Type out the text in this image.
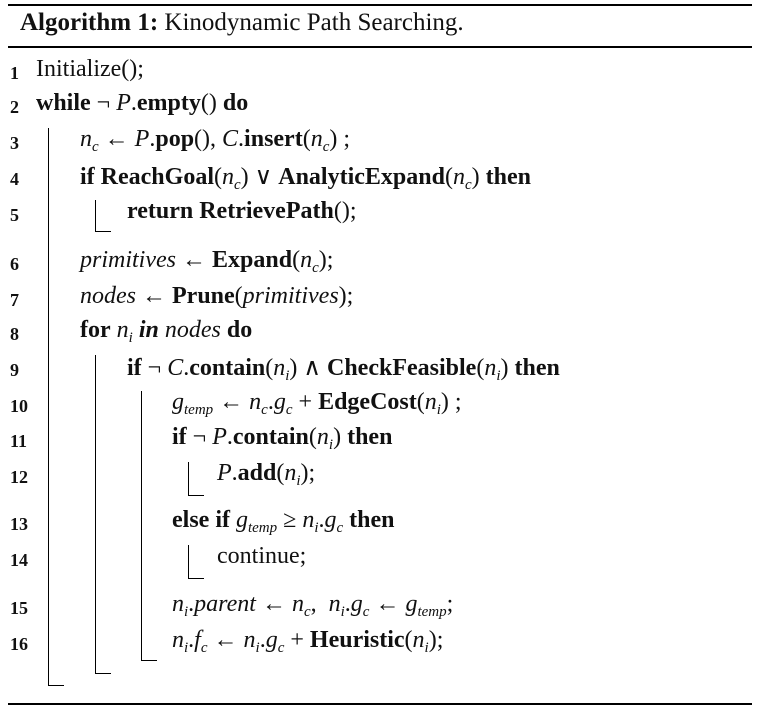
Algorithm 1: Kinodynamic Path Searching.
1
2
3
4
5
6
7
8
9
10
11
12
13
14
15
16
Initialize();
while ¬ P.empty() do
$n_c$ ← P.pop(), $C.insert(n_c)$ ;
if $ReachGoal(n_c)$ ∨ $AnalyticExpand(n_c)$ then
return RetrievePath();
primitives ← $Expand(n_c)$;
nodes ← Prune(primitives);
for $n_i$ in nodes do
if ¬ $C.contain(n_i)$ ∧ $CheckFeasible(n_i)$ then
$g_{temp}$ ← $n_c.g_c$ + $EdgeCost(n_i)$ ;
if ¬ $P.contain(n_i)$ then
$P.add(n_i)$;
else if $g_{temp} \ge n_i.g_c$ then
continue;
$n_i.parent$ ← $n_c$,  $n_i.g_c$ ← $g_{temp}$;
$n_i.f_c$ ← $n_i.g_c$ + $Heuristic(n_i)$;
